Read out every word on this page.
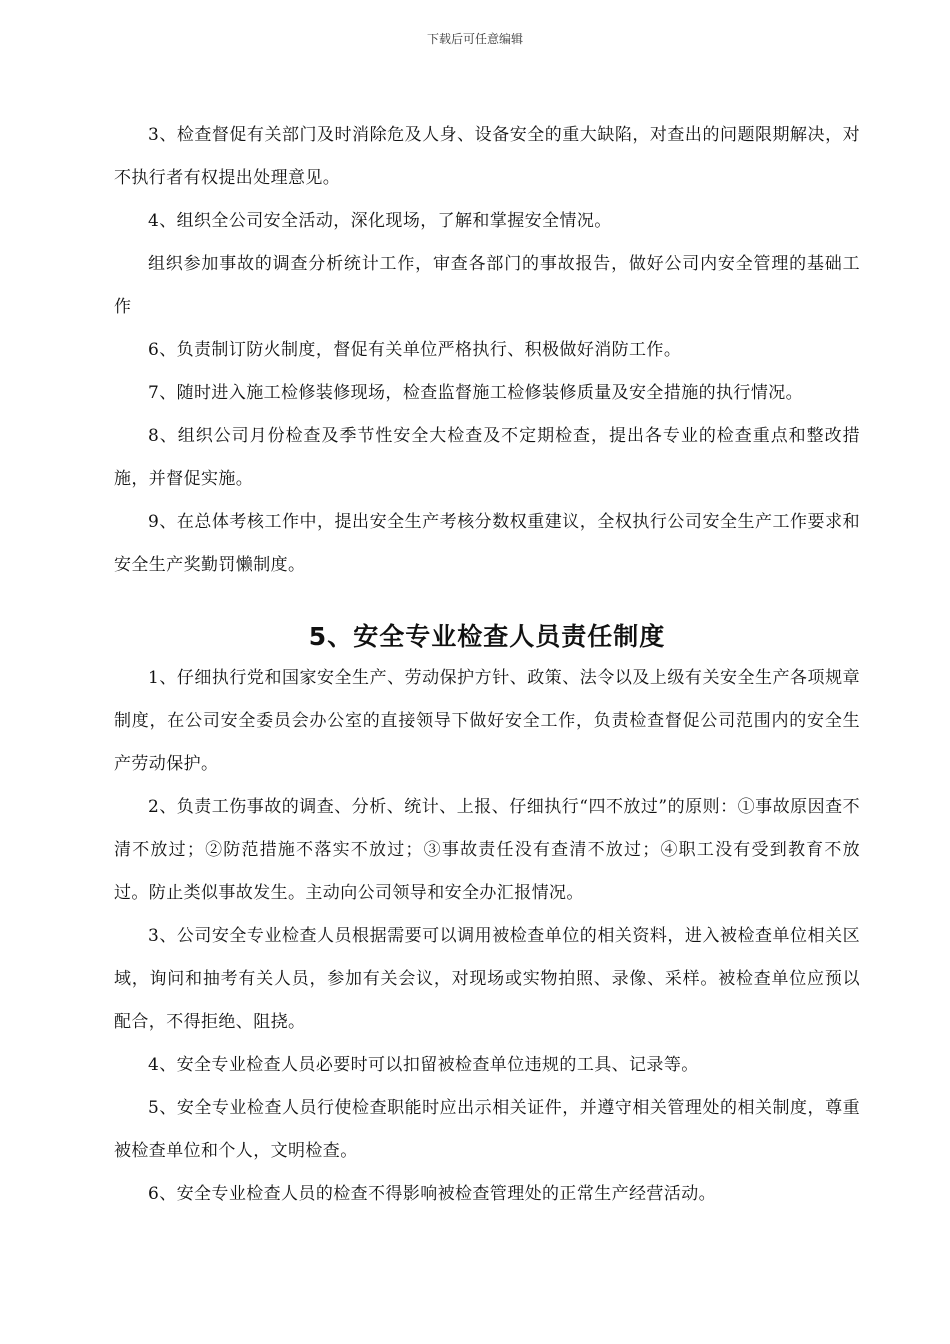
下载后可任意编辑

3、检查督促有关部门及时消除危及人身、设备安全的重大缺陷，对查出的问题限期解决，对不执行者有权提出处理意见。

4、组织全公司安全活动，深化现场，了解和掌握安全情况。

组织参加事故的调查分析统计工作，审查各部门的事故报告，做好公司内安全管理的基础工作

6、负责制订防火制度，督促有关单位严格执行、积极做好消防工作。

7、随时进入施工检修装修现场，检查监督施工检修装修质量及安全措施的执行情况。

8、组织公司月份检查及季节性安全大检查及不定期检查，提出各专业的检查重点和整改措施，并督促实施。

9、在总体考核工作中，提出安全生产考核分数权重建议，全权执行公司安全生产工作要求和安全生产奖勤罚懒制度。

5、安全专业检查人员责任制度

1、仔细执行党和国家安全生产、劳动保护方针、政策、法令以及上级有关安全生产各项规章制度，在公司安全委员会办公室的直接领导下做好安全工作，负责检查督促公司范围内的安全生产劳动保护。

2、负责工伤事故的调查、分析、统计、上报、仔细执行“四不放过”的原则：①事故原因查不清不放过；②防范措施不落实不放过；③事故责任没有查清不放过；④职工没有受到教育不放过。防止类似事故发生。主动向公司领导和安全办汇报情况。

3、公司安全专业检查人员根据需要可以调用被检查单位的相关资料，进入被检查单位相关区域，询问和抽考有关人员，参加有关会议，对现场或实物拍照、录像、采样。被检查单位应预以配合，不得拒绝、阻挠。

4、安全专业检查人员必要时可以扣留被检查单位违规的工具、记录等。

5、安全专业检查人员行使检查职能时应出示相关证件，并遵守相关管理处的相关制度，尊重被检查单位和个人，文明检查。

6、安全专业检查人员的检查不得影响被检查管理处的正常生产经营活动。
